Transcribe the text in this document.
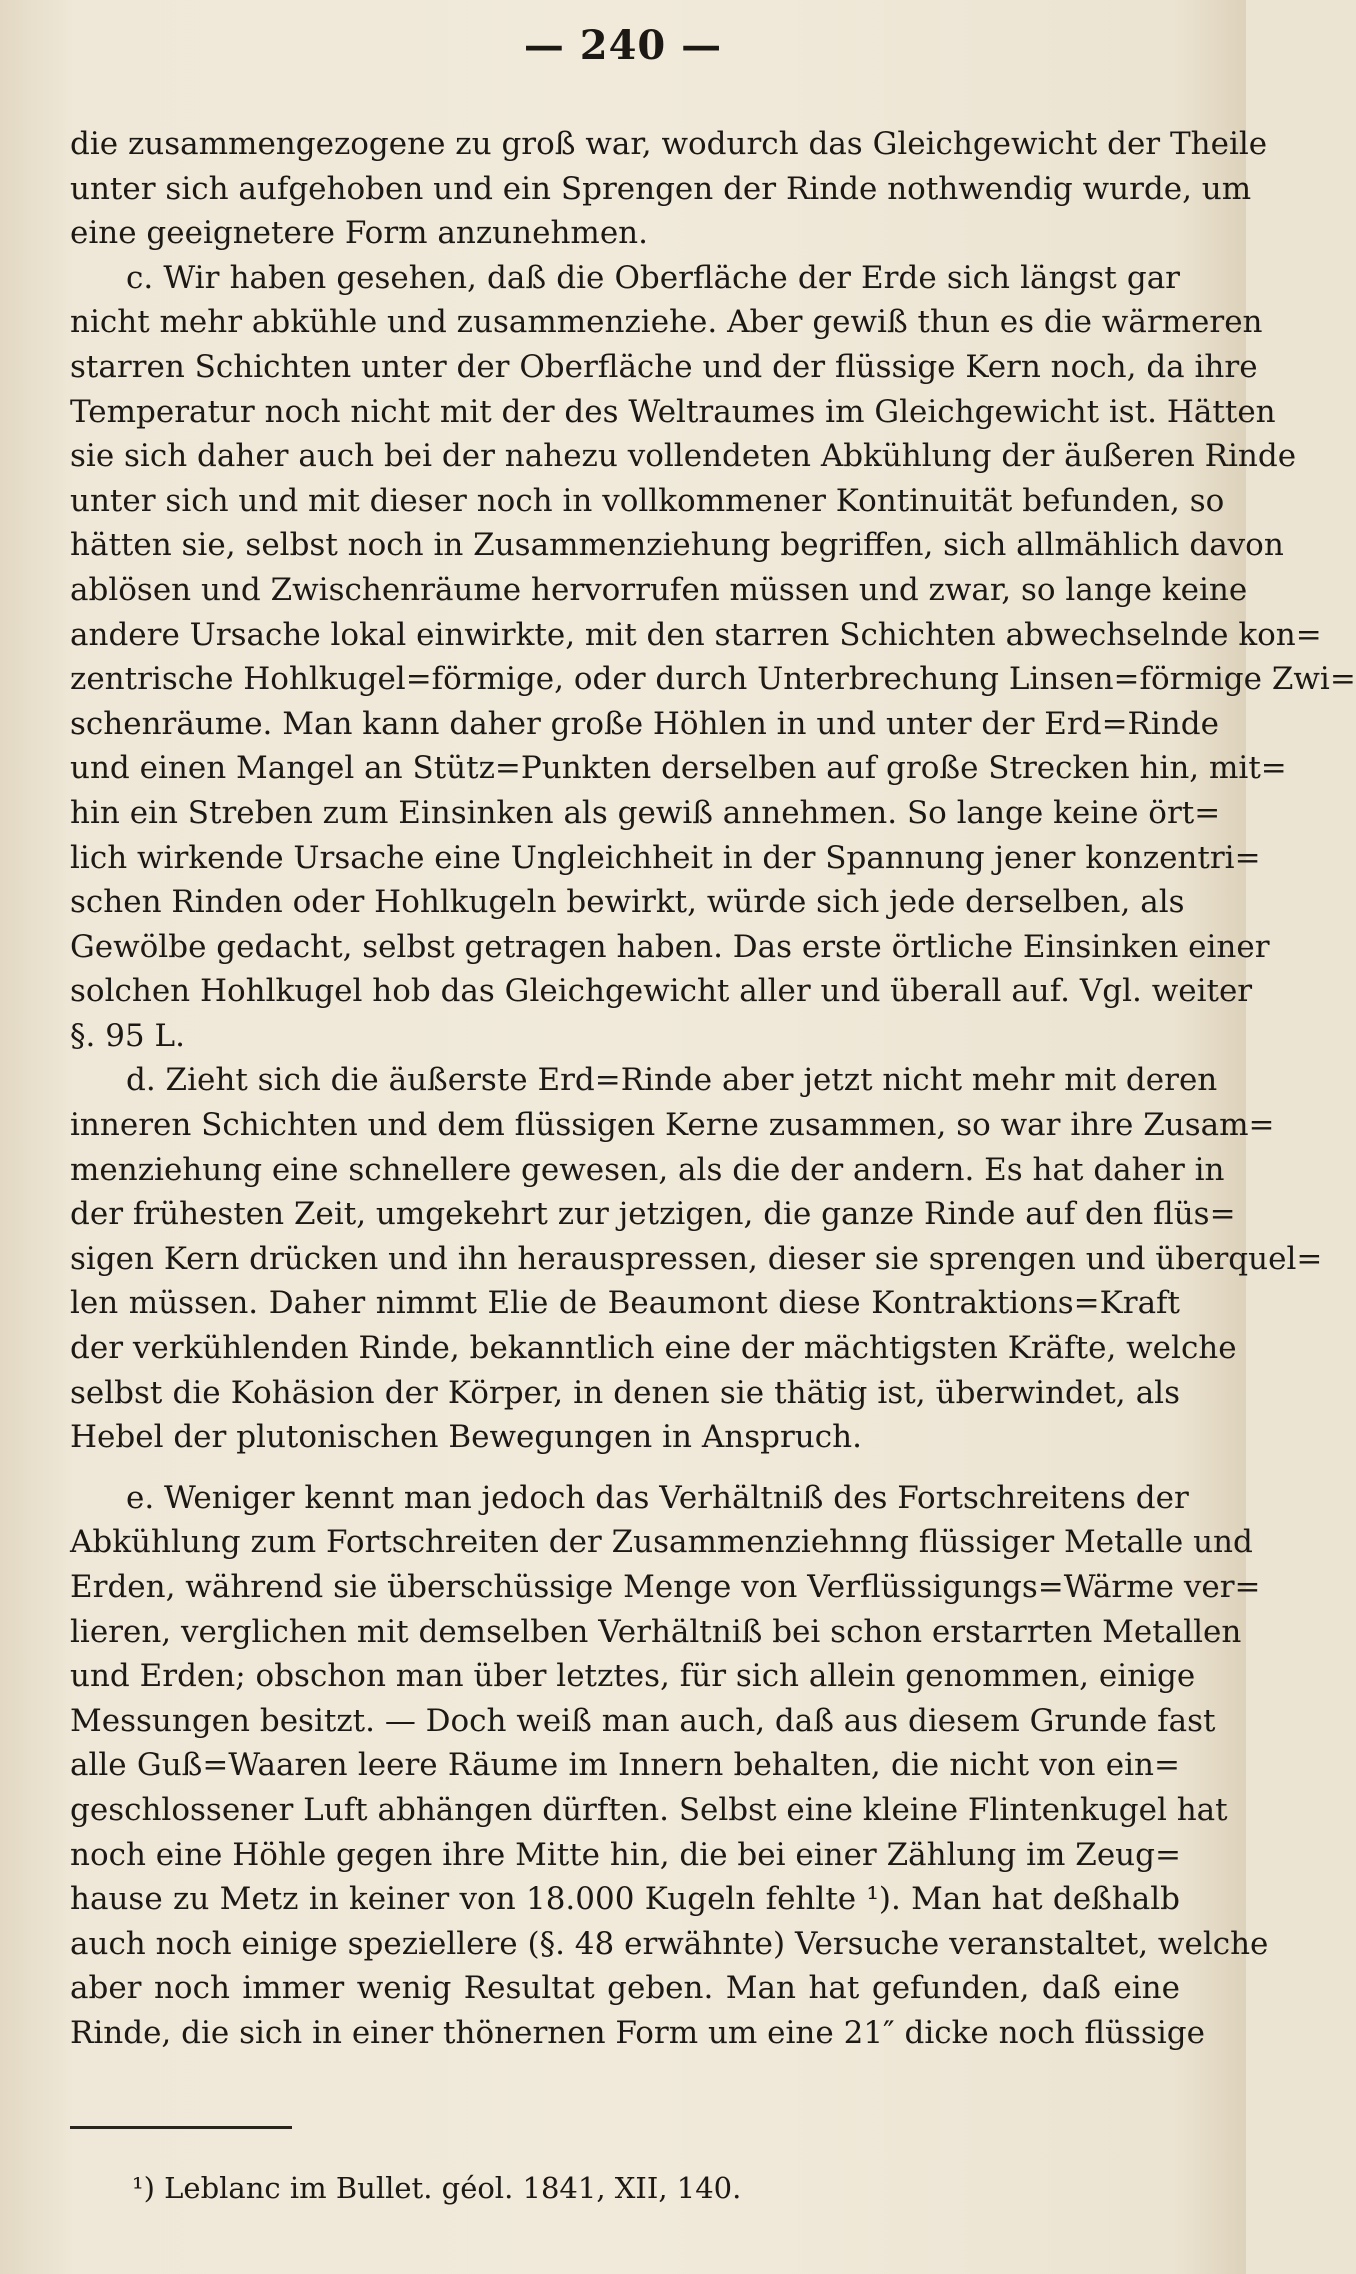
— 240 —
die zusammengezogene zu groß war, wodurch das Gleichgewicht der Theile
unter sich aufgehoben und ein Sprengen der Rinde nothwendig wurde, um
eine geeignetere Form anzunehmen.
c. Wir haben gesehen, daß die Oberfläche der Erde sich längst gar
nicht mehr abkühle und zusammenziehe. Aber gewiß thun es die wärmeren
starren Schichten unter der Oberfläche und der flüssige Kern noch, da ihre
Temperatur noch nicht mit der des Weltraumes im Gleichgewicht ist. Hätten
sie sich daher auch bei der nahezu vollendeten Abkühlung der äußeren Rinde
unter sich und mit dieser noch in vollkommener Kontinuität befunden, so
hätten sie, selbst noch in Zusammenziehung begriffen, sich allmählich davon
ablösen und Zwischenräume hervorrufen müssen und zwar, so lange keine
andere Ursache lokal einwirkte, mit den starren Schichten abwechselnde kon=
zentrische Hohlkugel=förmige, oder durch Unterbrechung Linsen=förmige Zwi=
schenräume. Man kann daher große Höhlen in und unter der Erd=Rinde
und einen Mangel an Stütz=Punkten derselben auf große Strecken hin, mit=
hin ein Streben zum Einsinken als gewiß annehmen. So lange keine ört=
lich wirkende Ursache eine Ungleichheit in der Spannung jener konzentri=
schen Rinden oder Hohlkugeln bewirkt, würde sich jede derselben, als
Gewölbe gedacht, selbst getragen haben. Das erste örtliche Einsinken einer
solchen Hohlkugel hob das Gleichgewicht aller und überall auf. Vgl. weiter
§. 95 L.
d. Zieht sich die äußerste Erd=Rinde aber jetzt nicht mehr mit deren
inneren Schichten und dem flüssigen Kerne zusammen, so war ihre Zusam=
menziehung eine schnellere gewesen, als die der andern. Es hat daher in
der frühesten Zeit, umgekehrt zur jetzigen, die ganze Rinde auf den flüs=
sigen Kern drücken und ihn herauspressen, dieser sie sprengen und überquel=
len müssen. Daher nimmt Elie de Beaumont diese Kontraktions=Kraft
der verkühlenden Rinde, bekanntlich eine der mächtigsten Kräfte, welche
selbst die Kohäsion der Körper, in denen sie thätig ist, überwindet, als
Hebel der plutonischen Bewegungen in Anspruch.
e. Weniger kennt man jedoch das Verhältniß des Fortschreitens der
Abkühlung zum Fortschreiten der Zusammenziehnng flüssiger Metalle und
Erden, während sie überschüssige Menge von Verflüssigungs=Wärme ver=
lieren, verglichen mit demselben Verhältniß bei schon erstarrten Metallen
und Erden; obschon man über letztes, für sich allein genommen, einige
Messungen besitzt. — Doch weiß man auch, daß aus diesem Grunde fast
alle Guß=Waaren leere Räume im Innern behalten, die nicht von ein=
geschlossener Luft abhängen dürften. Selbst eine kleine Flintenkugel hat
noch eine Höhle gegen ihre Mitte hin, die bei einer Zählung im Zeug=
hause zu Metz in keiner von 18.000 Kugeln fehlte ¹). Man hat deßhalb
auch noch einige speziellere (§. 48 erwähnte) Versuche veranstaltet, welche
aber noch immer wenig Resultat geben. Man hat gefunden, daß eine
Rinde, die sich in einer thönernen Form um eine 21″ dicke noch flüssige
¹) Leblanc im Bullet. géol. 1841, XII, 140.
